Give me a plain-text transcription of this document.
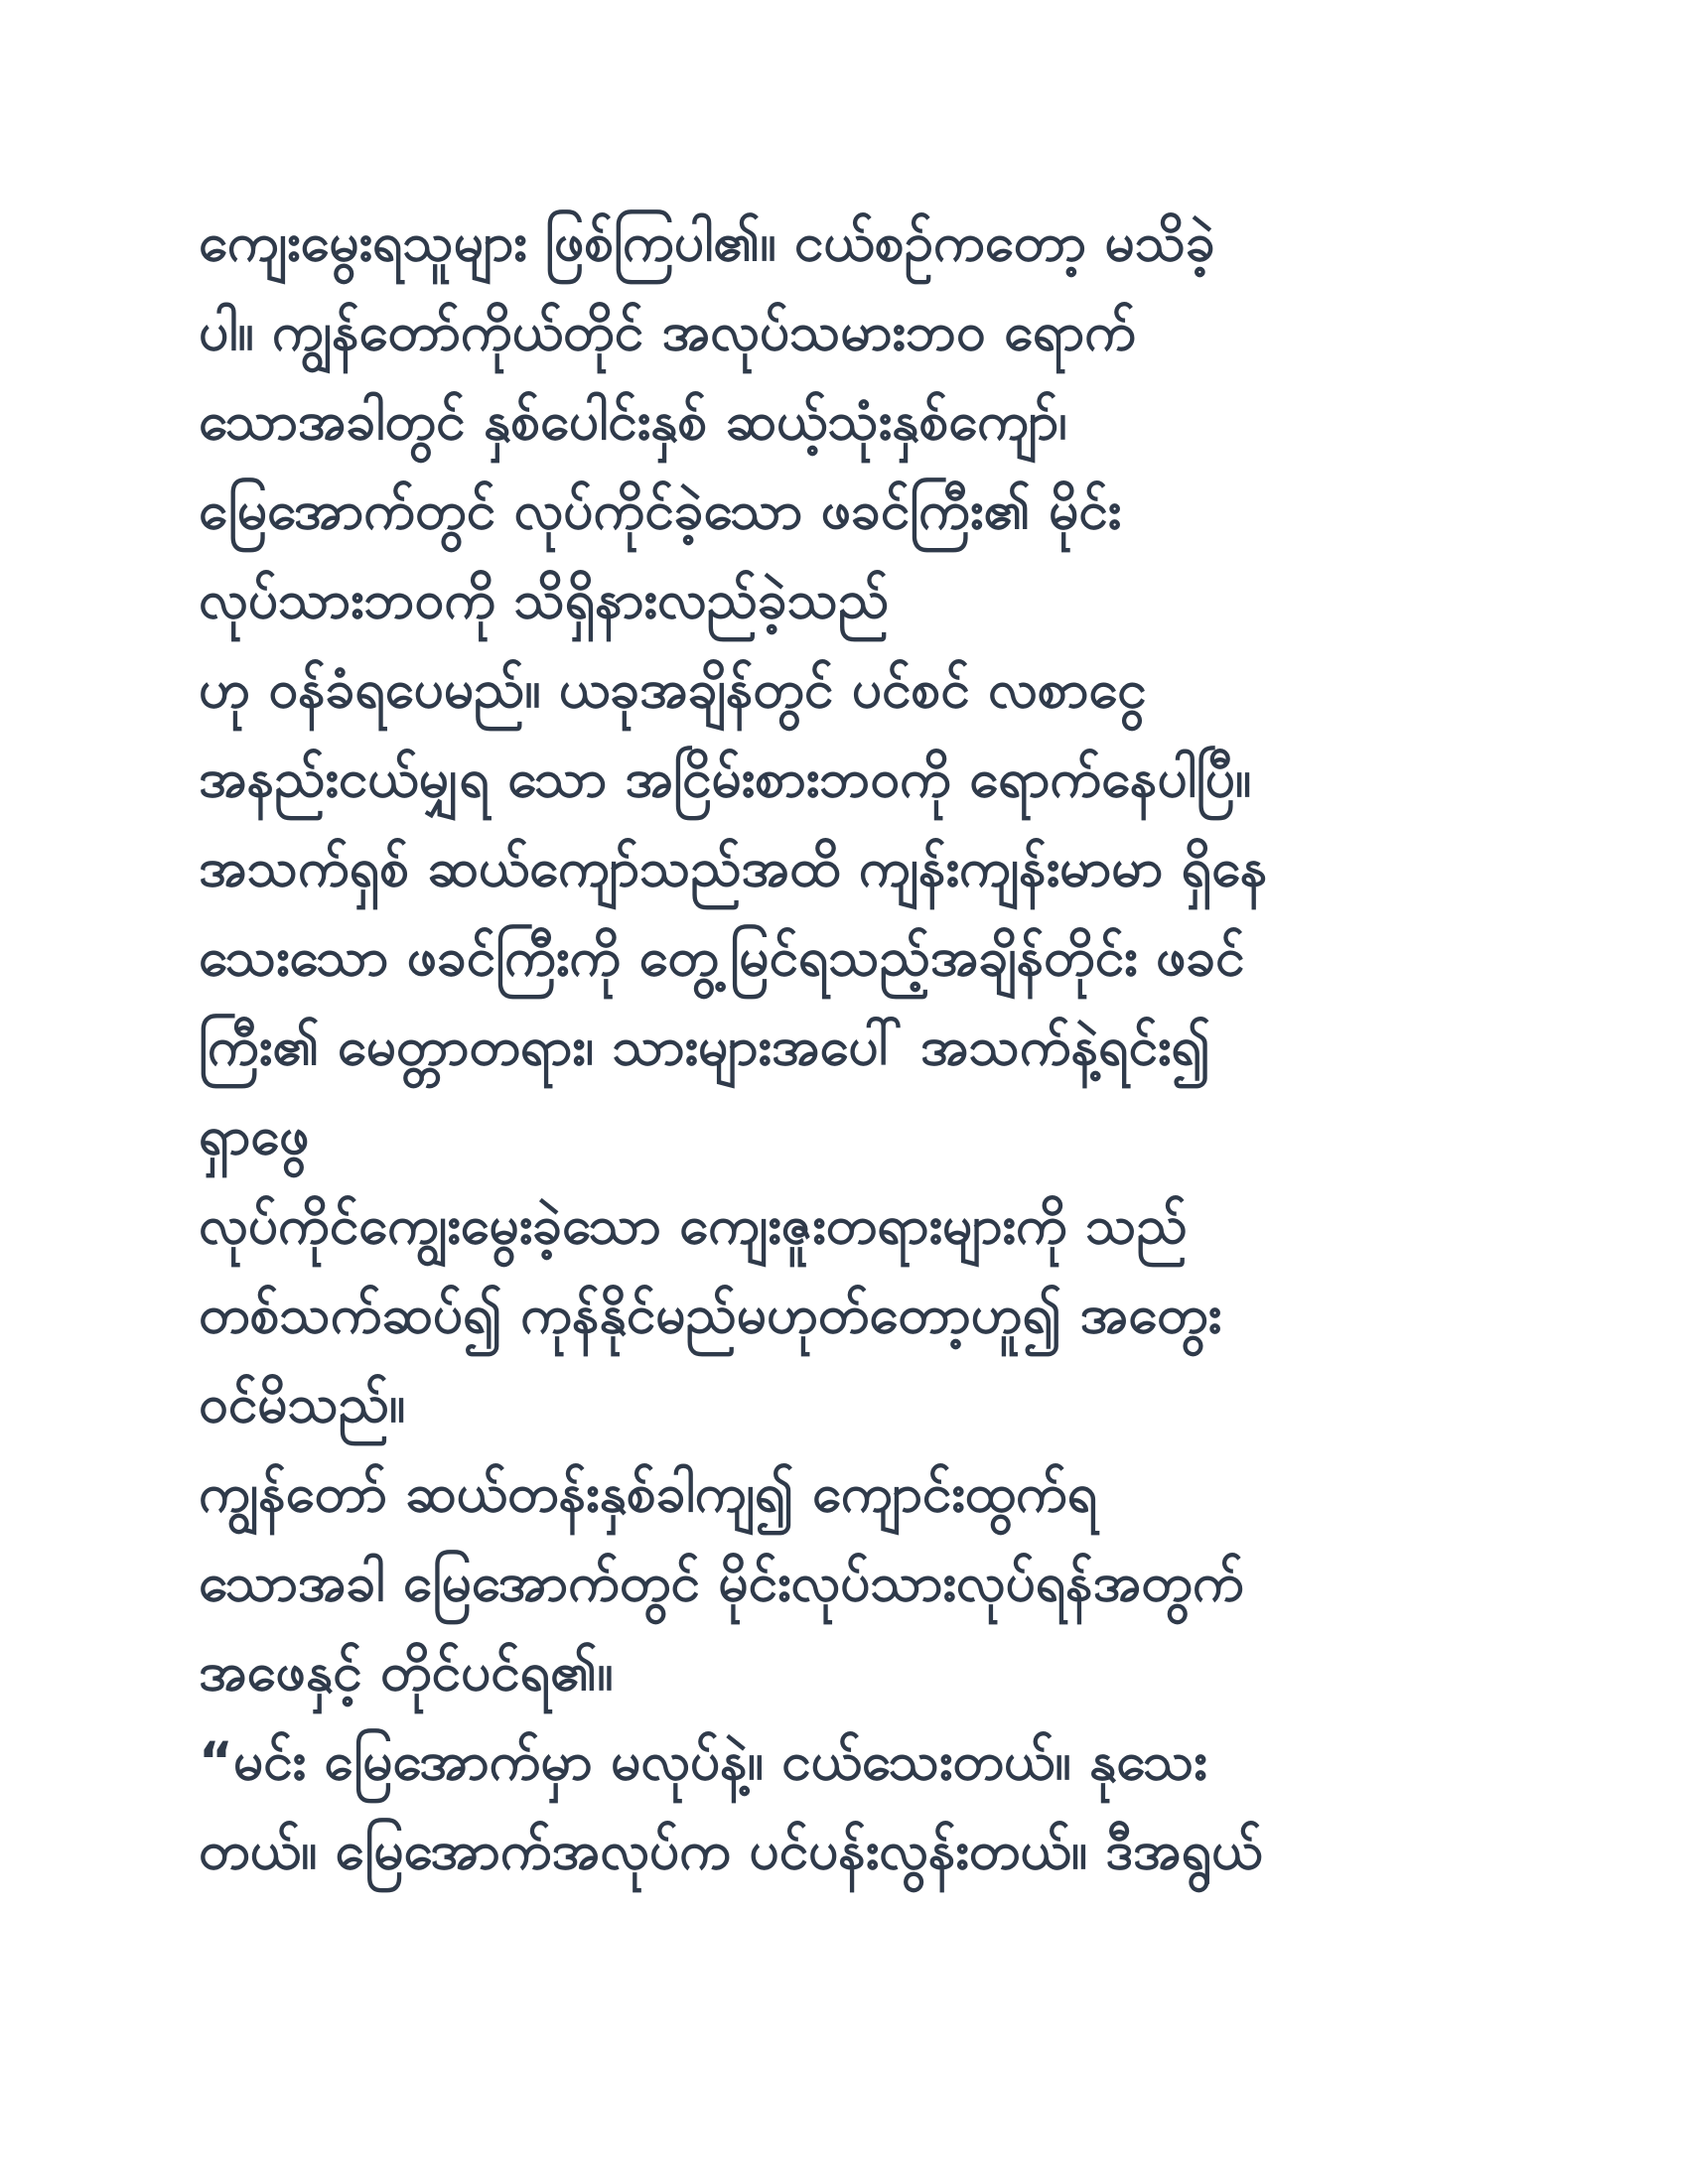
ကျေးမွေးရသူများ ဖြစ်ကြပါ၏။ ငယ်စဉ်ကတော့ မသိခဲ့
ပါ။ ကျွန်တော်ကိုယ်တိုင် အလုပ်သမားဘဝ ရောက်
သောအခါတွင် နှစ်ပေါင်းနှစ် ဆယ့်သုံးနှစ်ကျော်၊
မြေအောက်တွင် လုပ်ကိုင်ခဲ့သော ဖခင်ကြီး၏ မိုင်း
လုပ်သားဘဝကို သိရှိနားလည်ခဲ့သည်
ဟု ဝန်ခံရပေမည်။ ယခုအချိန်တွင် ပင်စင် လစာငွေ
အနည်းငယ်မျှရ သော အငြိမ်းစားဘဝကို ရောက်နေပါပြီ။
အသက်ရှစ် ဆယ်ကျော်သည်အထိ ကျန်းကျန်းမာမာ ရှိနေ
သေးသော ဖခင်ကြီးကို တွေ့မြင်ရသည့်အချိန်တိုင်း ဖခင်
ကြီး၏ မေတ္တာတရား၊ သားများအပေါ် အသက်နဲ့ရင်း၍
ရှာဖွေ
လုပ်ကိုင်ကျွေးမွေးခဲ့သော ကျေးဇူးတရားများကို သည်
တစ်သက်ဆပ်၍ ကုန်နိုင်မည်မဟုတ်တော့ဟူ၍ အတွေး
ဝင်မိသည်။
ကျွန်တော် ဆယ်တန်းနှစ်ခါကျ၍ ကျောင်းထွက်ရ
သောအခါ မြေအောက်တွင် မိုင်းလုပ်သားလုပ်ရန်အတွက်
အဖေနှင့် တိုင်ပင်ရ၏။
“မင်း မြေအောက်မှာ မလုပ်နဲ့။ ငယ်သေးတယ်။ နုသေး
တယ်။ မြေအောက်အလုပ်က ပင်ပန်းလွန်းတယ်။ ဒီအရွယ်
